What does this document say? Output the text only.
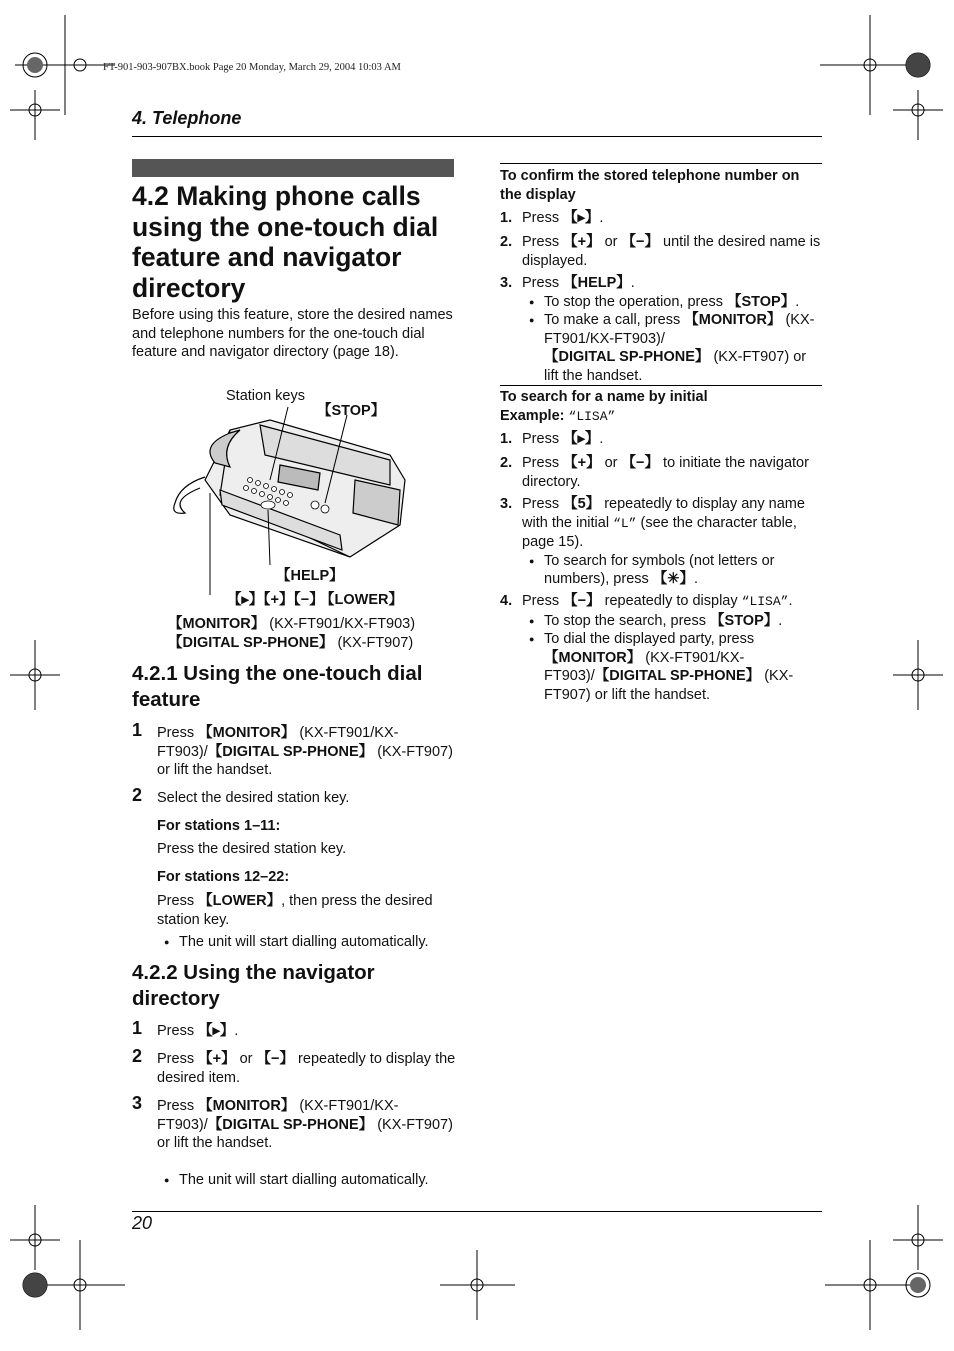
FT-901-903-907BX.book Page 20 Monday, March 29, 2004 10:03 AM
4. Telephone
4.2 Making phone calls using the one-touch dial feature and navigator directory
Before using this feature, store the desired names and telephone numbers for the one-touch dial feature and navigator directory (page 18).
Station keys
【STOP】
【HELP】
【▸】【+】【−】
【LOWER】
【MONITOR】 (KX-FT901/KX-FT903)
【DIGITAL SP-PHONE】 (KX-FT907)
4.2.1 Using the one-touch dial feature
1 Press 【MONITOR】 (KX-FT901/KX-
FT903)/【DIGITAL SP-PHONE】 (KX-FT907)
or lift the handset.
2 Select the desired station key.
For stations 1–11:
Press the desired station key.
For stations 12–22:
Press 【LOWER】, then press the desired station key.
● The unit will start dialling automatically.
4.2.2 Using the navigator directory
1 Press 【▸】.
2 Press 【+】 or 【−】 repeatedly to display the desired item.
3 Press 【MONITOR】 (KX-FT901/KX-
FT903)/【DIGITAL SP-PHONE】 (KX-FT907)
or lift the handset.
● The unit will start dialling automatically.
To confirm the stored telephone number on the display
1. Press 【▸】.
2. Press 【+】 or 【−】 until the desired name is displayed.
3. Press 【HELP】.
● To stop the operation, press 【STOP】.
● To make a call, press 【MONITOR】 (KX-FT901/KX-FT903)/【DIGITAL SP-PHONE】 (KX-FT907) or lift the handset.
To search for a name by initial
Example: “LISA”
1. Press 【▸】.
2. Press 【+】 or 【−】 to initiate the navigator directory.
3. Press 【5】 repeatedly to display any name with the initial “L” (see the character table, page 15).
● To search for symbols (not letters or numbers), press 【✳】.
4. Press 【−】 repeatedly to display “LISA”.
● To stop the search, press 【STOP】.
● To dial the displayed party, press
【MONITOR】 (KX-FT901/KX-
FT903)/【DIGITAL SP-PHONE】 (KX-FT907) or lift the handset.
20
